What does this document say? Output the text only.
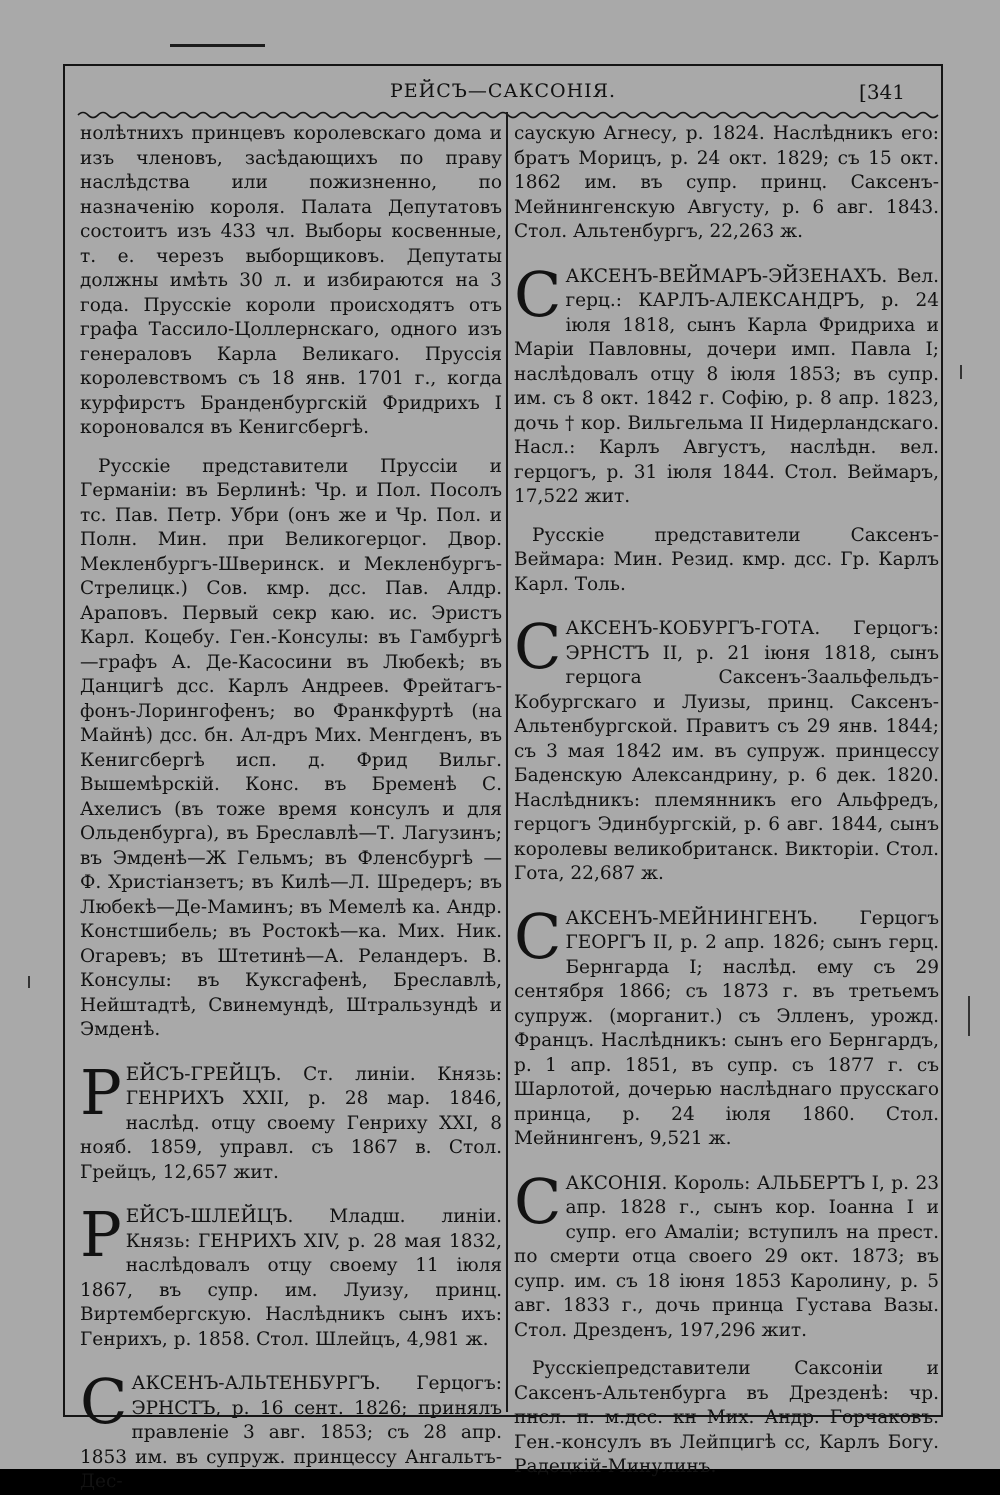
РЕЙСЪ—САКСОНІЯ.	[341

нолѣтнихъ принцевъ королевскаго дома и изъ членовъ, засѣдающихъ по праву наслѣдства или пожизненно, по назначенію короля. Палата Депутатовъ состоитъ изъ 433 чл. Выборы косвенные, т. е. черезъ выборщиковъ. Депутаты должны имѣть 30 л. и избираются на 3 года. Прусскіе короли происходятъ отъ графа Тассило-Цоллернскаго, одного изъ генераловъ Карла Великаго. Пруссія королевствомъ съ 18 янв. 1701 г., когда курфирстъ Бранденбургскій Фридрихъ I короновался въ Кенигсбергѣ.

Русскіе представители Пруссіи и Германіи: въ Берлинѣ: Чр. и Пол. Посолъ тс. Пав. Петр. Убри (онъ же и Чр. Пол. и Полн. Мин. при Великогерцог. Двор. Мекленбургъ-Шверинск. и Мекленбургъ-Стрелицк.) Сов. кмр. дсс. Пав. Алдр. Араповъ. Первый секр каю. ис. Эристъ Карл. Коцебу. Ген.-Консулы: въ Гамбургѣ—графъ А. Де-Касосини въ Любекѣ; въ Данцигѣ дсс. Карлъ Андреев. Фрейтагъ-фонъ-Лорингофенъ; во Франкфуртѣ (на Майнѣ) дсс. бн. Ал-дръ Мих. Менгденъ, въ Кенигсбергѣ исп. д. Фрид Вильг. Вышемѣрскій. Конс. въ Бременѣ С. Ахелисъ (въ тоже время консулъ и для Ольденбурга), въ Бреславлѣ—Т. Лагузинъ; въ Эмденѣ—Ж Гельмъ; въ Фленсбургѣ — Ф. Христіанзетъ; въ Килѣ—Л. Шредеръ; въ Любекѣ—Де-Маминъ; въ Мемелѣ ка. Андр. Констшибель; въ Ростокѣ—ка. Мих. Ник. Огаревъ; въ Штетинѣ—А. Реландеръ. В. Консулы: въ Куксгафенѣ, Бреславлѣ, Нейштадтѣ, Свинемундѣ, Штральзундѣ и Эмденѣ.

РЕЙСЪ-ГРЕЙЦЪ. Ст. линіи. Князь: ГЕНРИХЪ XXII, р. 28 мар. 1846, наслѣд. отцу своему Генриху XXI, 8 нояб. 1859, управл. съ 1867 в. Стол. Грейцъ, 12,657 жит.

РЕЙСЪ-ШЛЕЙЦЪ. Младш. линіи. Князь: ГЕНРИХЪ XIV, р. 28 мая 1832, наслѣдовалъ отцу своему 11 іюля 1867, въ супр. им. Луизу, принц. Виртембергскую. Наслѣдникъ сынъ ихъ: Генрихъ, р. 1858. Стол. Шлейцъ, 4,981 ж.

САКСЕНЪ-АЛЬТЕНБУРГЪ. Герцогъ: ЭРНСТЪ, р. 16 сент. 1826; принялъ правленіе 3 авг. 1853; съ 28 апр. 1853 им. въ супруж. принцессу Ангальтъ-Дес-

саускую Агнесу, р. 1824. Наслѣдникъ его: братъ Морицъ, р. 24 окт. 1829; съ 15 окт. 1862 им. въ супр. принц. Саксенъ-Мейнингенскую Августу, р. 6 авг. 1843. Стол. Альтенбургъ, 22,263 ж.

САКСЕНЪ-ВЕЙМАРЪ-ЭЙЗЕНАХЪ. Вел. герц.: КАРЛЪ-АЛЕКСАНДРЪ, р. 24 іюля 1818, сынъ Карла Фридриха и Маріи Павловны, дочери имп. Павла I; наслѣдовалъ отцу 8 іюля 1853; въ супр. им. съ 8 окт. 1842 г. Софію, р. 8 апр. 1823, дочь † кор. Вильгельма II Нидерландскаго. Насл.: Карлъ Августъ, наслѣдн. вел. герцогъ, р. 31 іюля 1844. Стол. Веймаръ, 17,522 жит.

Русскіе представители Саксенъ-Веймара: Мин. Резид. кмр. дсс. Гр. Карлъ Карл. Толь.

САКСЕНЪ-КОБУРГЪ-ГОТА. Герцогъ: ЭРНСТЪ II, р. 21 іюня 1818, сынъ герцога Саксенъ-Заальфельдъ-Кобургскаго и Луизы, принц. Саксенъ-Альтенбургской. Правитъ съ 29 янв. 1844; съ 3 мая 1842 им. въ супруж. принцессу Баденскую Александрину, р. 6 дек. 1820. Наслѣдникъ: племянникъ его Альфредъ, герцогъ Эдинбургскій, р. 6 авг. 1844, сынъ королевы великобританск. Викторіи. Стол. Гота, 22,687 ж.

САКСЕНЪ-МЕЙНИНГЕНЪ. Герцогъ ГЕОРГЪ II, р. 2 апр. 1826; сынъ герц. Бернгарда I; наслѣд. ему съ 29 сентября 1866; съ 1873 г. въ третьемъ супруж. (морганит.) съ Элленъ, урожд. Францъ. Наслѣдникъ: сынъ его Бернгардъ, р. 1 апр. 1851, въ супр. съ 1877 г. съ Шарлотой, дочерью наслѣднаго прусскаго принца, р. 24 іюля 1860. Стол. Мейнингенъ, 9,521 ж.

САКСОНІЯ. Король: АЛЬБЕРТЪ I, р. 23 апр. 1828 г., сынъ кор. Іоанна I и супр. его Амаліи; вступилъ на прест. по смерти отца своего 29 окт. 1873; въ супр. им. съ 18 іюня 1853 Каролину, р. 5 авг. 1833 г., дочь принца Густава Вазы. Стол. Дрезденъ, 197,296 жит.

Русскіепредставители Саксоніи и Саксенъ-Альтенбурга въ Дрезденѣ: чр. пнсл. п. м.дсс. кн Мих. Андр. Горчаковъ. Ген.-консулъ въ Лейпцигѣ сс, Карлъ Богу. Радецкій-Минулинъ.
